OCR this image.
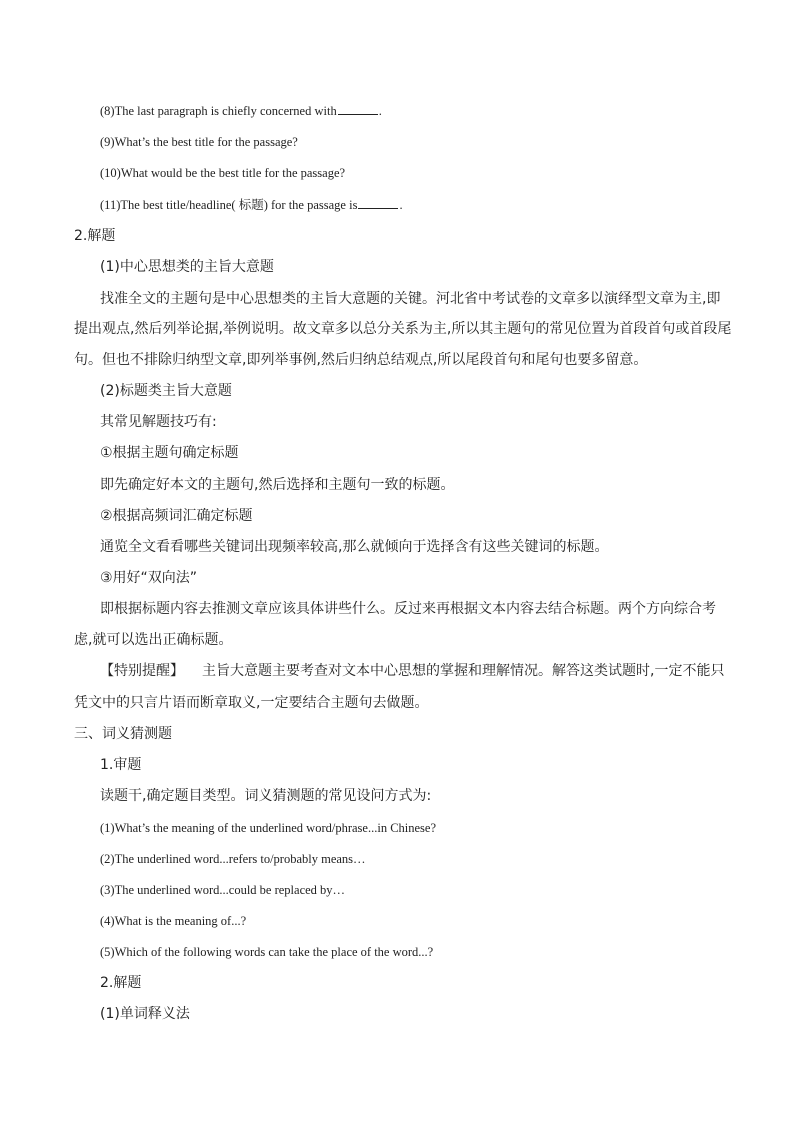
(8)The last paragraph is chiefly concerned with	.
(9)What’s the best title for the passage?
(10)What would be the best title for the passage?
(11)The best title/headline( 标题) for the passage is	.
2.解题
(1)中心思想类的主旨大意题
找准全文的主题句是中心思想类的主旨大意题的关键。河北省中考试卷的文章多以演绎型文章为主,即
提出观点,然后列举论据,举例说明。故文章多以总分关系为主,所以其主题句的常见位置为首段首句或首段尾
句。但也不排除归纳型文章,即列举事例,然后归纳总结观点,所以尾段首句和尾句也要多留意。
(2)标题类主旨大意题
其常见解题技巧有:
①根据主题句确定标题
即先确定好本文的主题句,然后选择和主题句一致的标题。
②根据高频词汇确定标题
通览全文看看哪些关键词出现频率较高,那么就倾向于选择含有这些关键词的标题。
③用好“双向法”
即根据标题内容去推测文章应该具体讲些什么。反过来再根据文本内容去结合标题。两个方向综合考
虑,就可以选出正确标题。
【特别提醒】 主旨大意题主要考查对文本中心思想的掌握和理解情况。解答这类试题时,一定不能只
凭文中的只言片语而断章取义,一定要结合主题句去做题。
三、词义猜测题
1.审题
读题干,确定题目类型。词义猜测题的常见设问方式为:
(1)What’s the meaning of the underlined word/phrase...in Chinese?
(2)The underlined word...refers to/probably means…
(3)The underlined word...could be replaced by…
(4)What is the meaning of...?
(5)Which of the following words can take the place of the word...?
2.解题
(1)单词释义法
